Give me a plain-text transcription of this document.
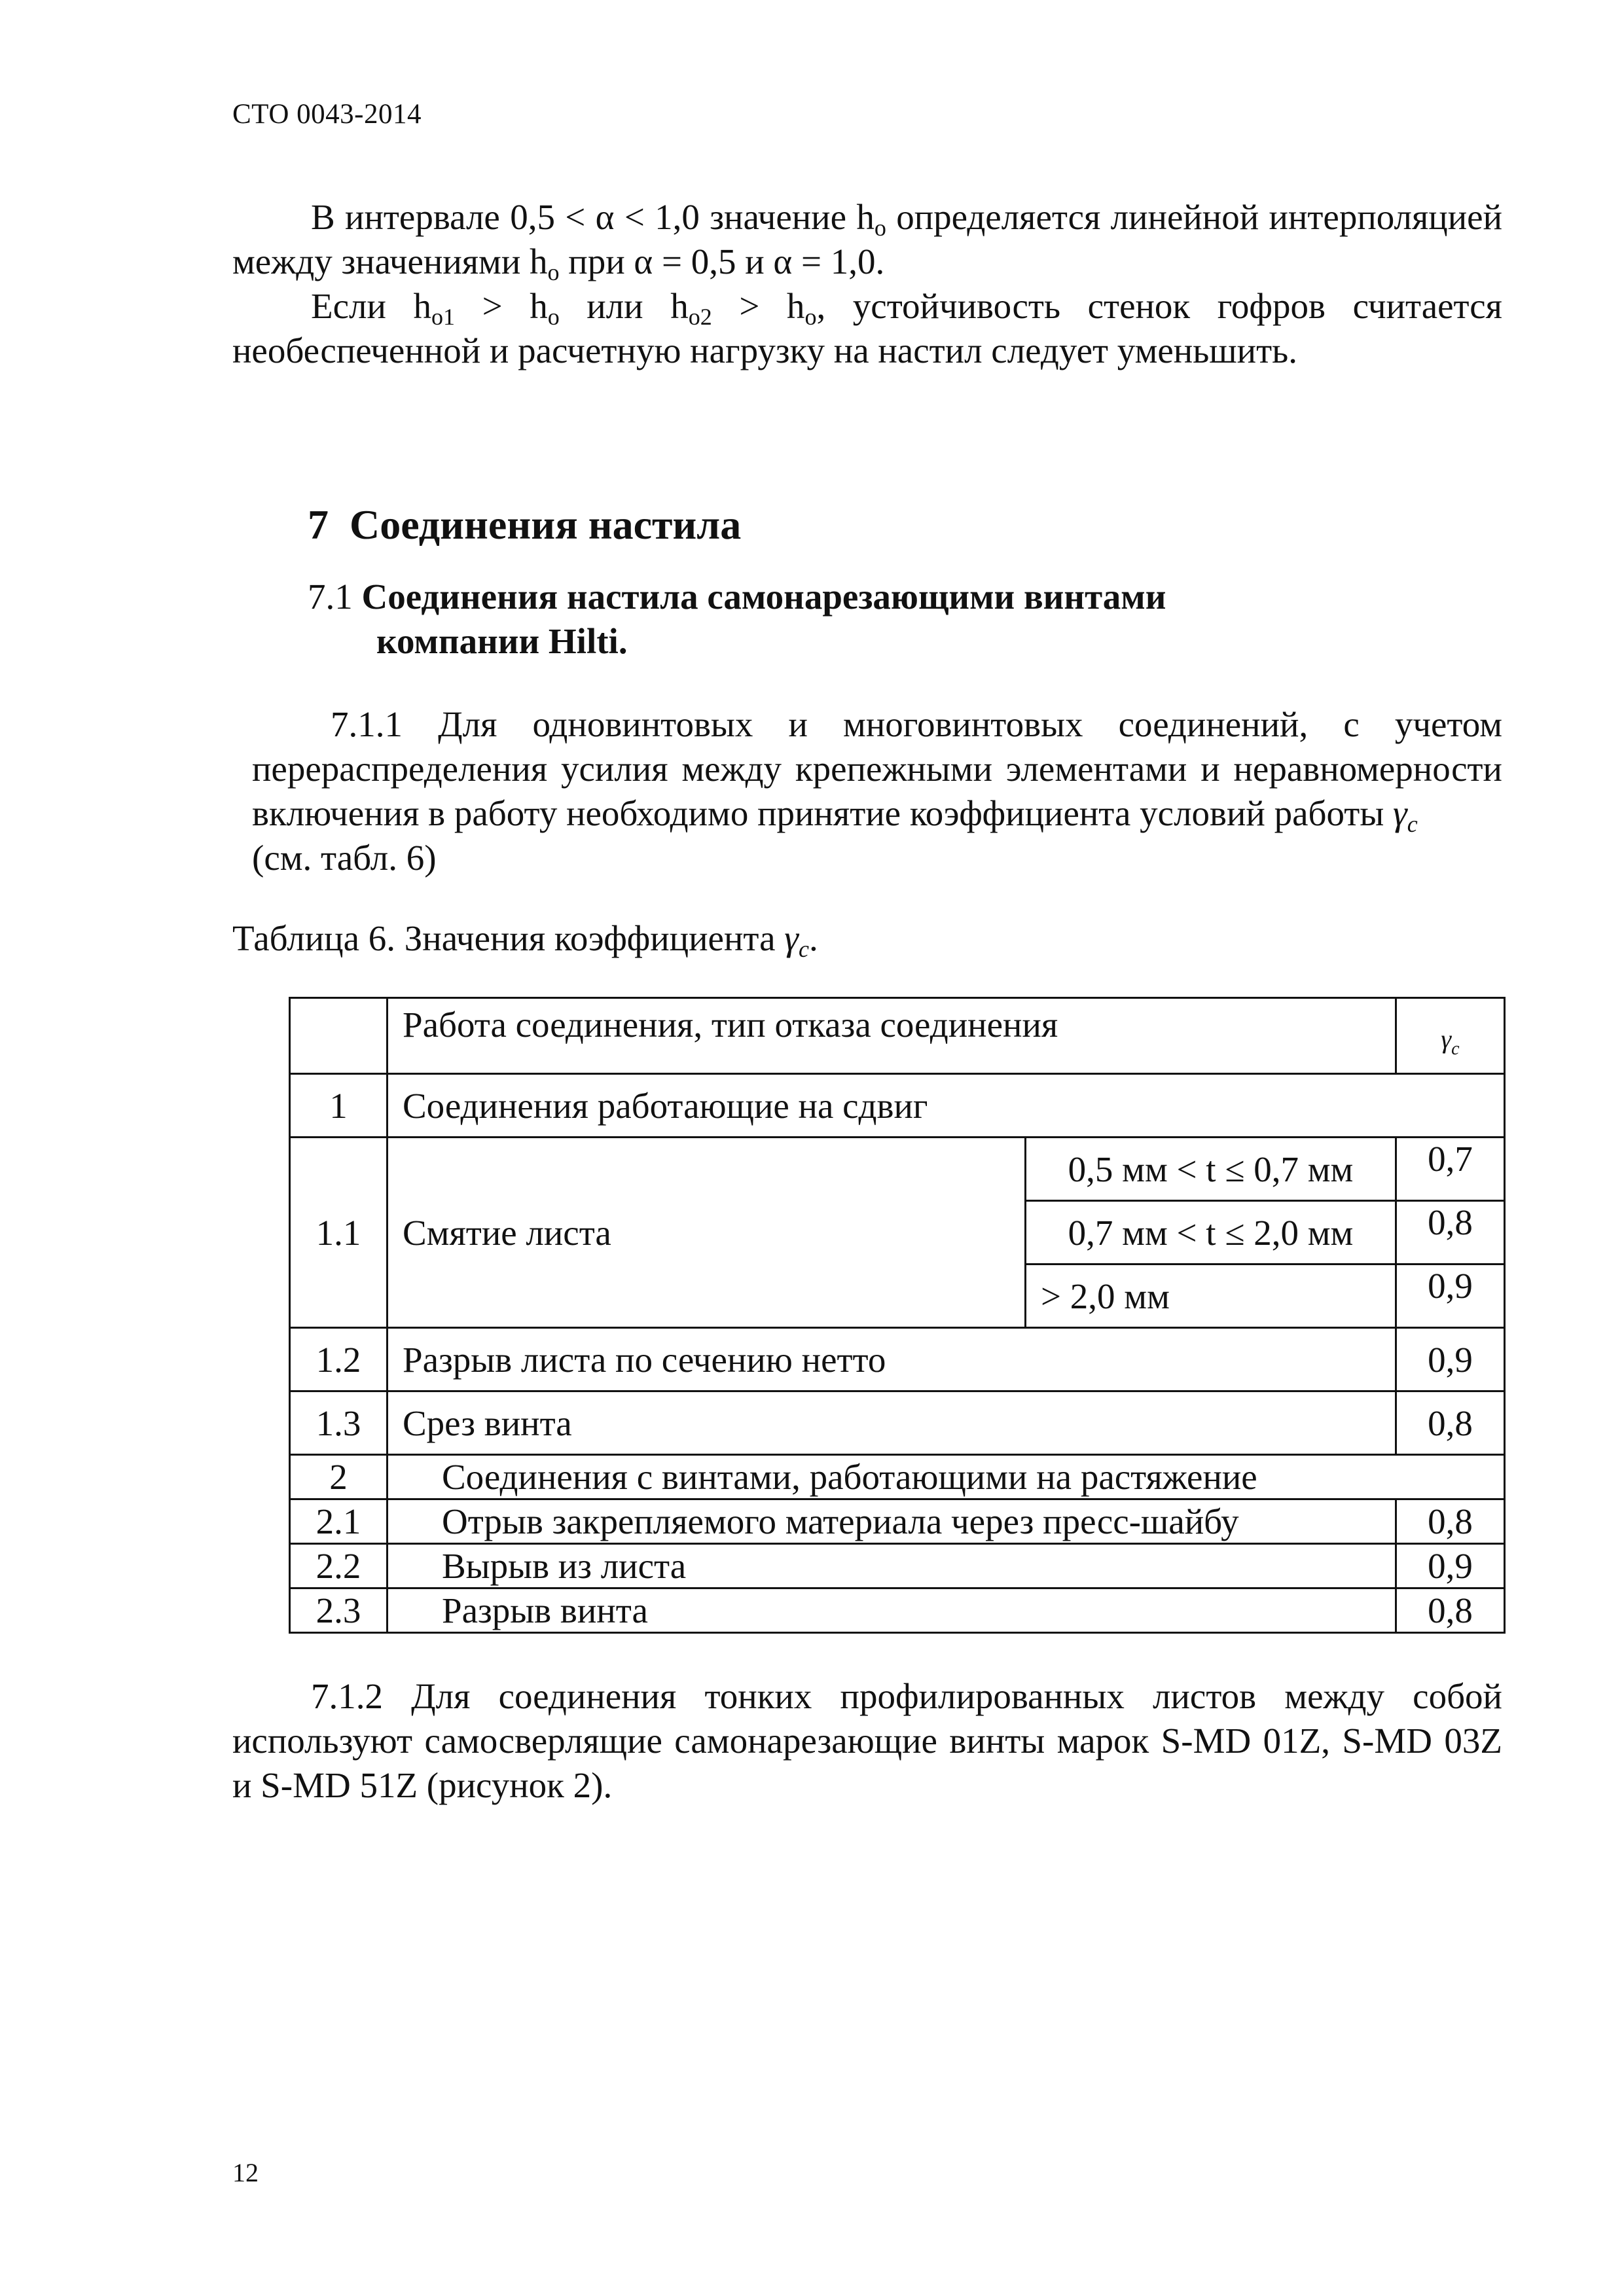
СТО 0043-2014
В интервале 0,5 < α < 1,0 значение $h_o$ определяется линейной интерполяцией между значениями $h_o$ при α = 0,5 и α = 1,0.
Если $h_{o1} > h_o$ или $h_{o2} > h_o$, устойчивость стенок гофров считается необеспеченной и расчетную нагрузку на настил следует уменьшить.
7 Соединения настила
7.1 Соединения настила самонарезающими винтами
компании Hilti.
7.1.1 Для одновинтовых и многовинтовых соединений, с учетом перераспределения усилия между крепежными элементами и неравномерности включения в работу необходимо принятие коэффициента условий работы $\gamma_c$
(см. табл. 6)
Таблица 6. Значения коэффициента $\gamma_c$.
	Работа соединения, тип отказа соединения		$\gamma_c$
1	Соединения работающие на сдвиг		
1.1	Смятие листа	0,5 мм < t ≤ 0,7 мм	0,7
		0,7 мм < t ≤ 2,0 мм	0,8
		> 2,0 мм	0,9
1.2	Разрыв листа по сечению нетто		0,9
1.3	Срез винта		0,8
2	Соединения с винтами, работающими на растяжение		
2.1	Отрыв закрепляемого материала через пресс-шайбу		0,8
2.2	Вырыв из листа		0,9
2.3	Разрыв винта		0,8
7.1.2 Для соединения тонких профилированных листов между собой используют самосверлящие самонарезающие винты марок S-MD 01Z, S-MD 03Z и S-MD 51Z (рисунок 2).
12
